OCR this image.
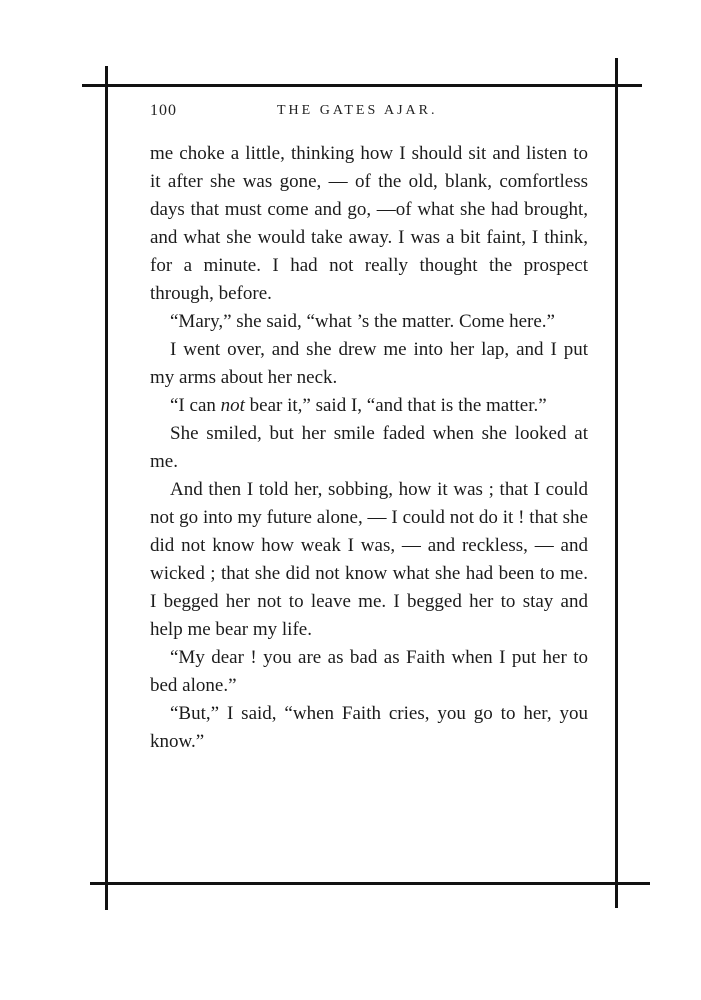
100	THE GATES AJAR.

me choke a little, thinking how I should sit and listen to it after she was gone, — of the old, blank, comfortless days that must come and go, —of what she had brought, and what she would take away. I was a bit faint, I think, for a minute. I had not really thought the prospect through, before.

“Mary,” she said, “what ’s the matter. Come here.”

I went over, and she drew me into her lap, and I put my arms about her neck.

“I can not bear it,” said I, “and that is the matter.”

She smiled, but her smile faded when she looked at me.

And then I told her, sobbing, how it was ; that I could not go into my future alone, — I could not do it ! that she did not know how weak I was, — and reckless, — and wicked ; that she did not know what she had been to me. I begged her not to leave me. I begged her to stay and help me bear my life.

“My dear ! you are as bad as Faith when I put her to bed alone.”

“But,” I said, “when Faith cries, you go to her, you know.”
